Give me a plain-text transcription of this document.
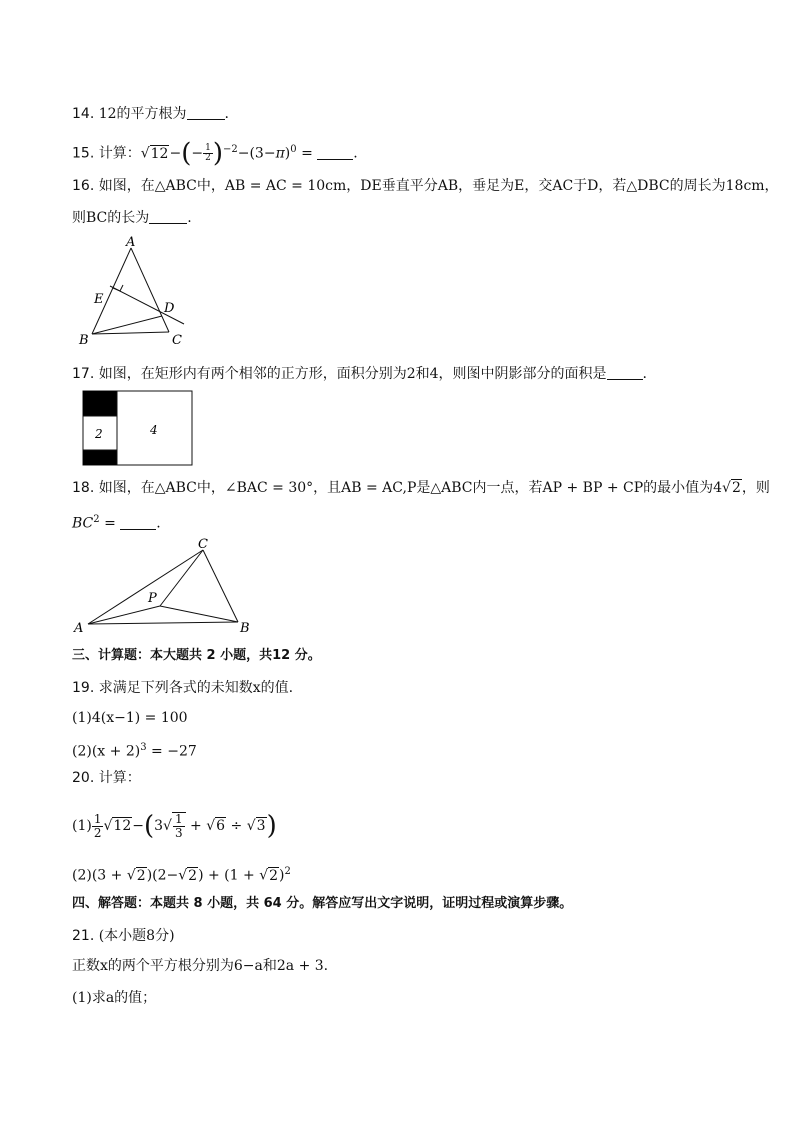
14. 12的平方根为	.
15. 计算：$√12-(- \frac{1}{2} )^{-2}-(3-\pi)^0$ =	.
16. 如图，在△ABC中，AB = AC = 10cm，DE垂直平分AB，垂足为E，交AC于D，若△DBC的周长为18cm，
则BC的长为	.
A
E
D
B	C
17. 如图，在矩形内有两个相邻的正方形，面积分别为2和4，则图中阴影部分的面积是	.
2	4
18. 如图，在△ABC中，∠BAC = 30°，且AB = AC,P是△ABC内一点，若AP + BP + CP的最小值为4√2，则
$BC^2$ =	.
A	B
C
P
三、计算题：本大题共 2 小题，共12 分。
19. 求满足下列各式的未知数x的值.
(1)4(x−1) = 100
$(2)(x + 2)^3 = -27$
20. 计算：
$(1) \frac{1}{2} √12-(3√ \frac{1}{3} + √6 \div √3)$
$(2)(3 + √2)(2-√2) + (1 + √2)^2$
四、解答题：本题共 8 小题，共 64 分。解答应写出文字说明，证明过程或演算步骤。
21. (本小题8分)
正数x的两个平方根分别为6−a和2a + 3.
(1)求a的值；
